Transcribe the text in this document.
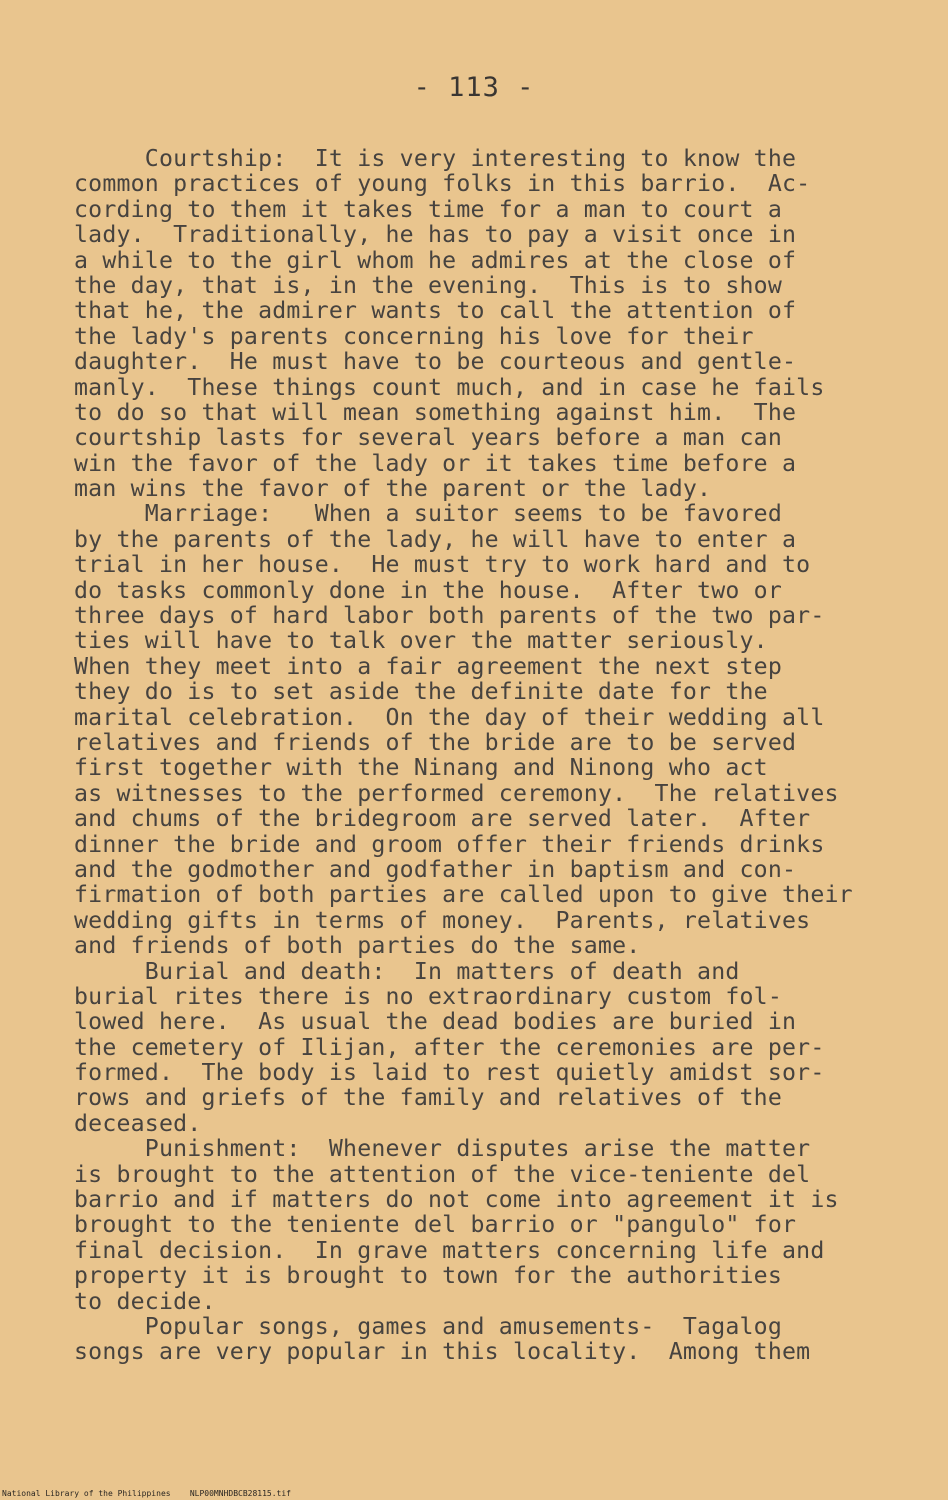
- 113 -
Courtship:  It is very interesting to know the
common practices of young folks in this barrio.  Ac-
cording to them it takes time for a man to court a
lady.  Traditionally, he has to pay a visit once in
a while to the girl whom he admires at the close of
the day, that is, in the evening.  This is to show
that he, the admirer wants to call the attention of
the lady's parents concerning his love for their
daughter.  He must have to be courteous and gentle-
manly.  These things count much, and in case he fails
to do so that will mean something against him.  The
courtship lasts for several years before a man can
win the favor of the lady or it takes time before a
man wins the favor of the parent or the lady.
Marriage:   When a suitor seems to be favored
by the parents of the lady, he will have to enter a
trial in her house.  He must try to work hard and to
do tasks commonly done in the house.  After two or
three days of hard labor both parents of the two par-
ties will have to talk over the matter seriously.
When they meet into a fair agreement the next step
they do is to set aside the definite date for the
marital celebration.  On the day of their wedding all
relatives and friends of the bride are to be served
first together with the Ninang and Ninong who act
as witnesses to the performed ceremony.  The relatives
and chums of the bridegroom are served later.  After
dinner the bride and groom offer their friends drinks
and the godmother and godfather in baptism and con-
firmation of both parties are called upon to give their
wedding gifts in terms of money.  Parents, relatives
and friends of both parties do the same.
Burial and death:  In matters of death and
burial rites there is no extraordinary custom fol-
lowed here.  As usual the dead bodies are buried in
the cemetery of Ilijan, after the ceremonies are per-
formed.  The body is laid to rest quietly amidst sor-
rows and griefs of the family and relatives of the
deceased.
Punishment:  Whenever disputes arise the matter
is brought to the attention of the vice-teniente del
barrio and if matters do not come into agreement it is
brought to the teniente del barrio or "pangulo" for
final decision.  In grave matters concerning life and
property it is brought to town for the authorities
to decide.
Popular songs, games and amusements-  Tagalog
songs are very popular in this locality.  Among them
National Library of the Philippines    NLP00MNHDBCB28115.tif
